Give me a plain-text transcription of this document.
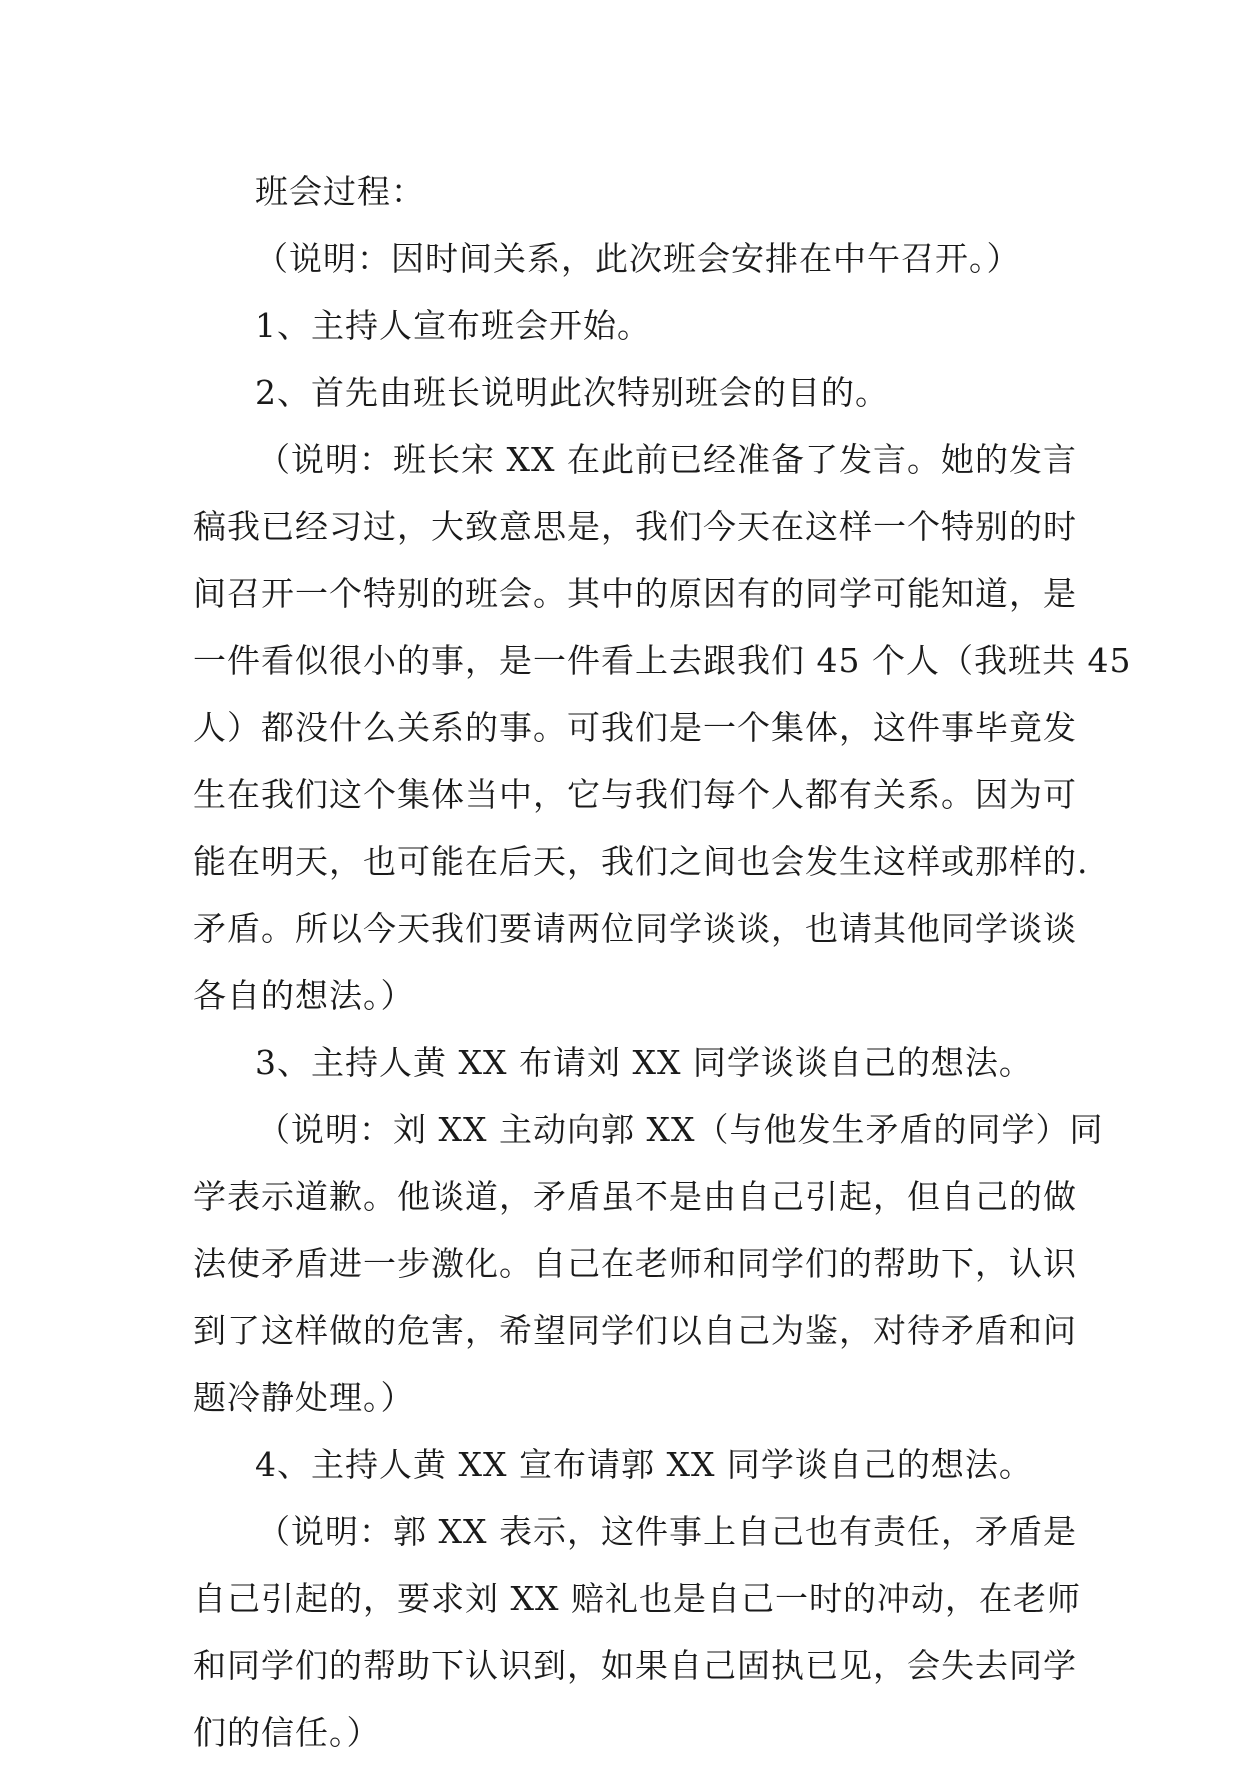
班会过程：
（说明：因时间关系，此次班会安排在中午召开。）
1、主持人宣布班会开始。
2、首先由班长说明此次特别班会的目的。
（说明：班长宋 XX 在此前已经准备了发言。她的发言
稿我已经习过，大致意思是，我们今天在这样一个特别的时
间召开一个特别的班会。其中的原因有的同学可能知道，是
一件看似很小的事，是一件看上去跟我们 45 个人（我班共 45
人）都没什么关系的事。可我们是一个集体，这件事毕竟发
生在我们这个集体当中，它与我们每个人都有关系。因为可
能在明天，也可能在后天，我们之间也会发生这样或那样的.
矛盾。所以今天我们要请两位同学谈谈，也请其他同学谈谈
各自的想法。）
3、主持人黄 XX 布请刘 XX 同学谈谈自己的想法。
（说明：刘 XX 主动向郭 XX（与他发生矛盾的同学）同
学表示道歉。他谈道，矛盾虽不是由自己引起，但自己的做
法使矛盾进一步激化。自己在老师和同学们的帮助下，认识
到了这样做的危害，希望同学们以自己为鉴，对待矛盾和问
题冷静处理。）
4、主持人黄 XX 宣布请郭 XX 同学谈自己的想法。
（说明：郭 XX 表示，这件事上自己也有责任，矛盾是
自己引起的，要求刘 XX 赔礼也是自己一时的冲动，在老师
和同学们的帮助下认识到，如果自己固执已见，会失去同学
们的信任。）
